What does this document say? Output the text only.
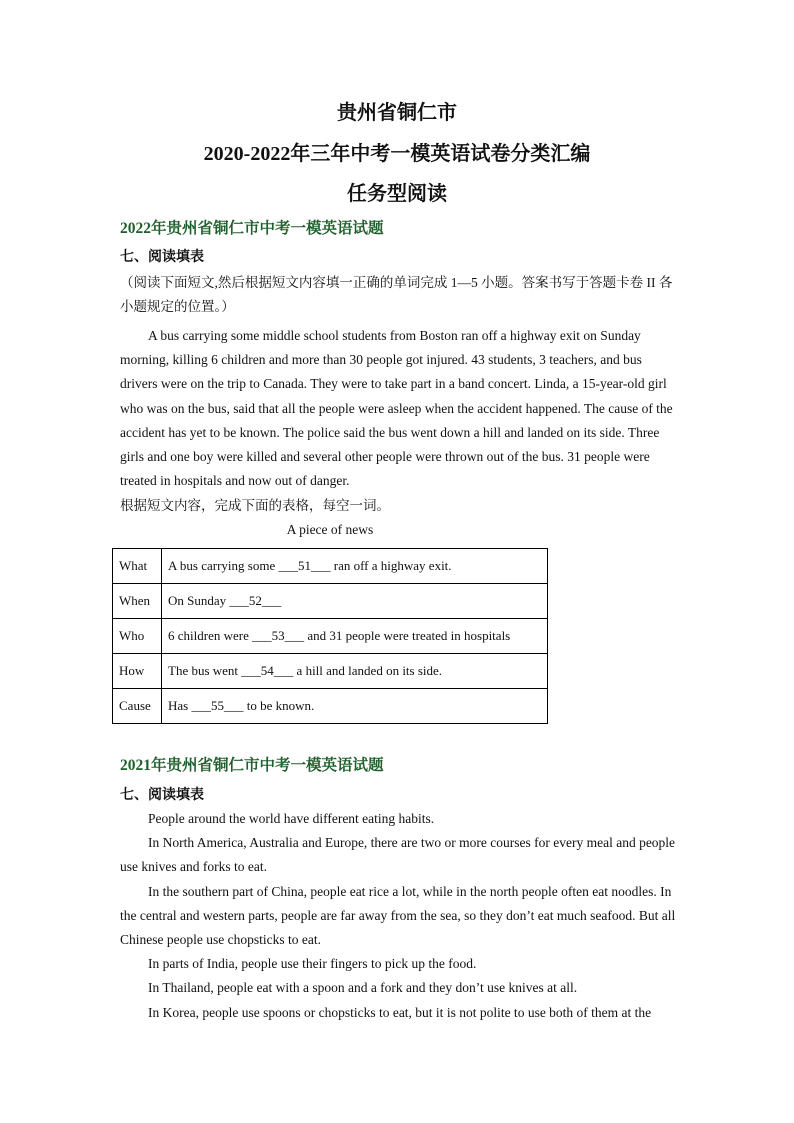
贵州省铜仁市
2020-2022年三年中考一模英语试卷分类汇编
任务型阅读
2022年贵州省铜仁市中考一模英语试题
七、阅读填表
（阅读下面短文,然后根据短文内容填一正确的单词完成 1—5 小题。答案书写于答题卡卷 II 各小题规定的位置。）
A bus carrying some middle school students from Boston ran off a highway exit on Sunday morning, killing 6 children and more than 30 people got injured. 43 students, 3 teachers, and bus drivers were on the trip to Canada. They were to take part in a band concert. Linda, a 15-year-old girl who was on the bus, said that all the people were asleep when the accident happened. The cause of the accident has yet to be known. The police said the bus went down a hill and landed on its side. Three girls and one boy were killed and several other people were thrown out of the bus. 31 people were treated in hospitals and now out of danger.
根据短文内容，完成下面的表格，每空一词。
A piece of news
What	A bus carrying some ___51___ ran off a highway exit.
When	On Sunday ___52___
Who	6 children were ___53___ and 31 people were treated in hospitals
How	The bus went ___54___ a hill and landed on its side.
Cause	Has ___55___ to be known.
2021年贵州省铜仁市中考一模英语试题
七、阅读填表
People around the world have different eating habits.
In North America, Australia and Europe, there are two or more courses for every meal and people use knives and forks to eat.
In the southern part of China, people eat rice a lot, while in the north people often eat noodles. In the central and western parts, people are far away from the sea, so they don’t eat much seafood. But all Chinese people use chopsticks to eat.
In parts of India, people use their fingers to pick up the food.
In Thailand, people eat with a spoon and a fork and they don’t use knives at all.
In Korea, people use spoons or chopsticks to eat, but it is not polite to use both of them at the
